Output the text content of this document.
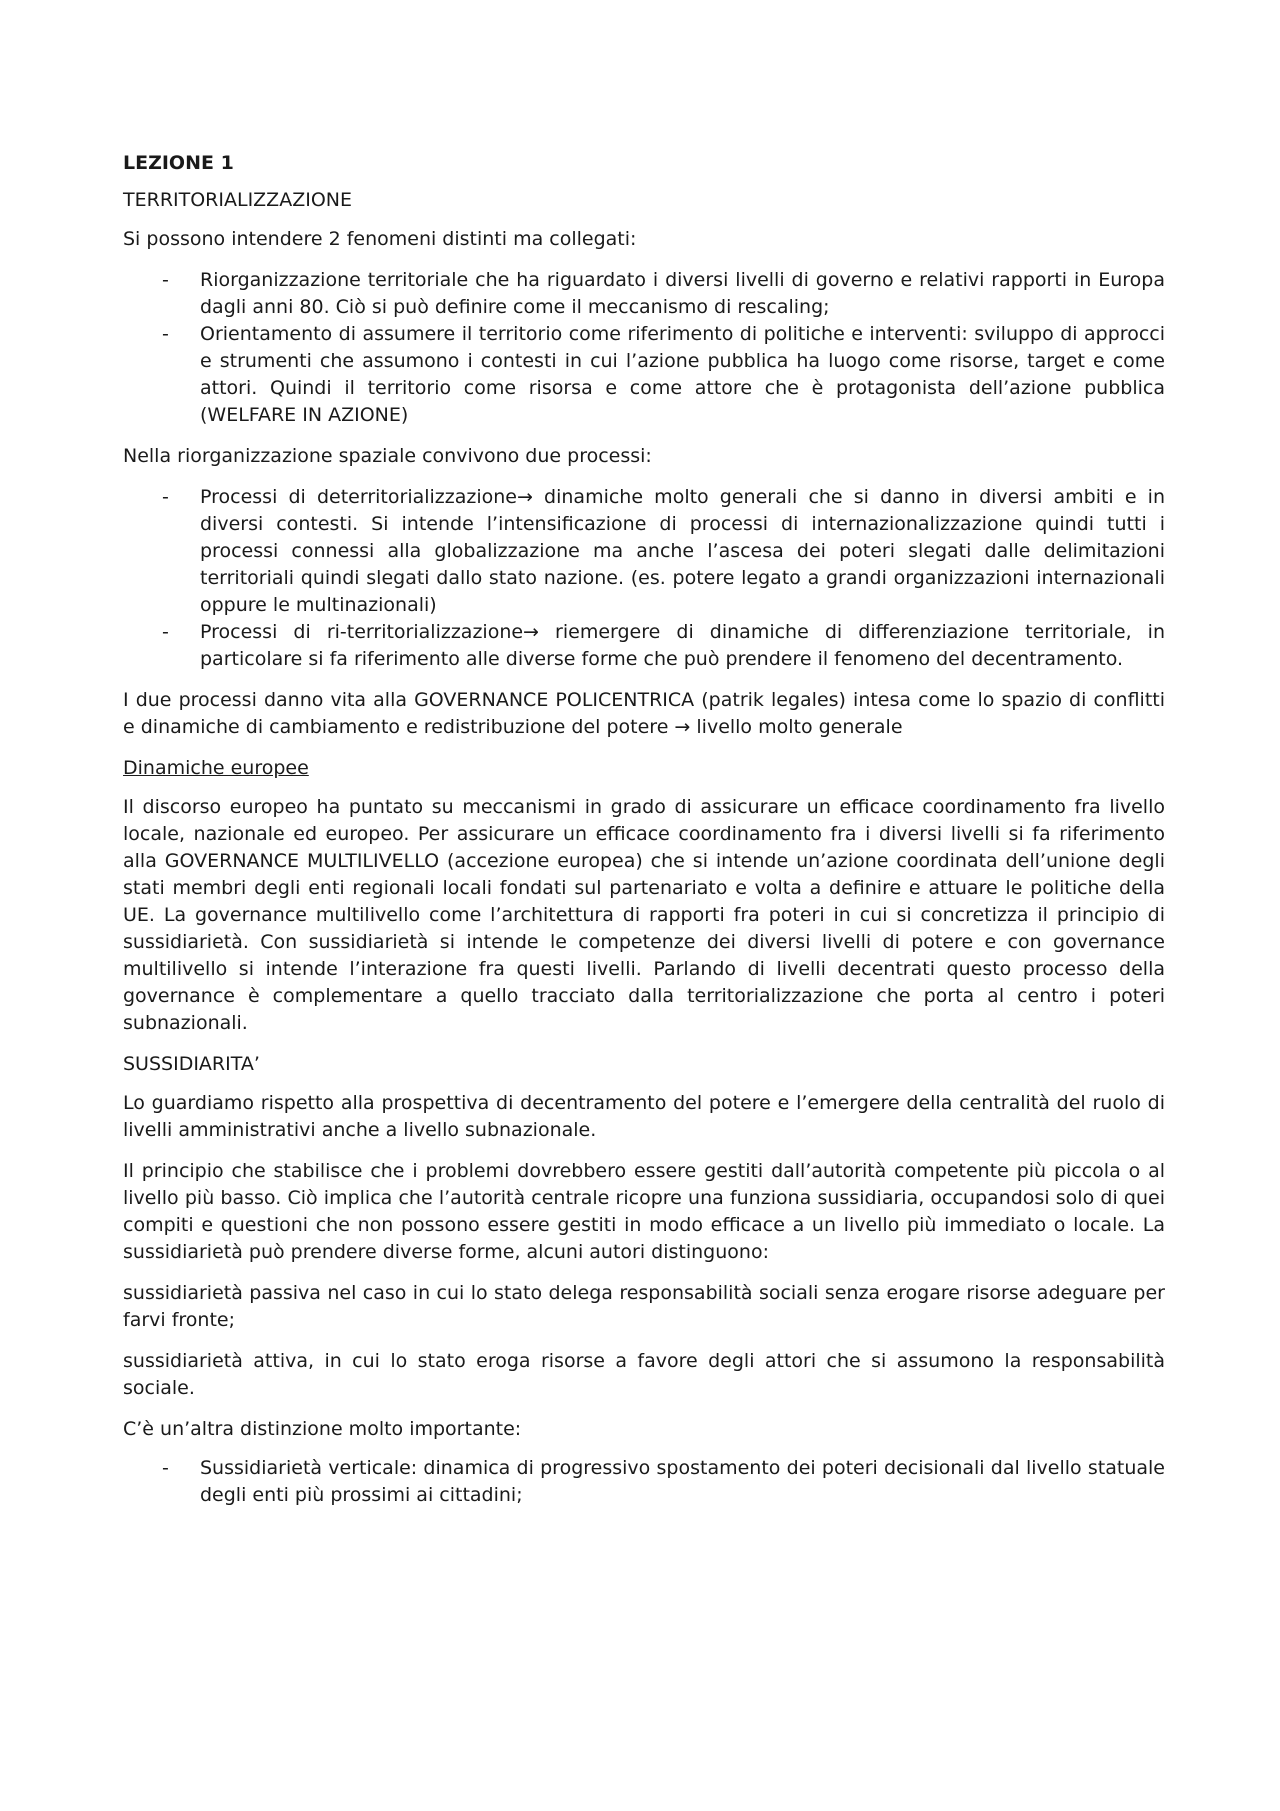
LEZIONE 1

TERRITORIALIZZAZIONE

Si possono intendere 2 fenomeni distinti ma collegati:

- Riorganizzazione territoriale che ha riguardato i diversi livelli di governo e relativi rapporti in Europa dagli anni 80. Ciò si può definire come il meccanismo di rescaling;
- Orientamento di assumere il territorio come riferimento di politiche e interventi: sviluppo di approcci e strumenti che assumono i contesti in cui l’azione pubblica ha luogo come risorse, target e come attori. Quindi il territorio come risorsa e come attore che è protagonista dell’azione pubblica (WELFARE IN AZIONE)

Nella riorganizzazione spaziale convivono due processi:

- Processi di deterritorializzazione→ dinamiche molto generali che si danno in diversi ambiti e in diversi contesti. Si intende l’intensificazione di processi di internazionalizzazione quindi tutti i processi connessi alla globalizzazione ma anche l’ascesa dei poteri slegati dalle delimitazioni territoriali quindi slegati dallo stato nazione. (es. potere legato a grandi organizzazioni internazionali oppure le multinazionali)
- Processi di ri-territorializzazione→ riemergere di dinamiche di differenziazione territoriale, in particolare si fa riferimento alle diverse forme che può prendere il fenomeno del decentramento.

I due processi danno vita alla GOVERNANCE POLICENTRICA (patrik legales) intesa come lo spazio di conflitti e dinamiche di cambiamento e redistribuzione del potere → livello molto generale

Dinamiche europee

Il discorso europeo ha puntato su meccanismi in grado di assicurare un efficace coordinamento fra livello locale, nazionale ed europeo. Per assicurare un efficace coordinamento fra i diversi livelli si fa riferimento alla GOVERNANCE MULTILIVELLO (accezione europea) che si intende un’azione coordinata dell’unione degli stati membri degli enti regionali locali fondati sul partenariato e volta a definire e attuare le politiche della UE. La governance multilivello come l’architettura di rapporti fra poteri in cui si concretizza il principio di sussidiarietà. Con sussidiarietà si intende le competenze dei diversi livelli di potere e con governance multilivello si intende l’interazione fra questi livelli. Parlando di livelli decentrati questo processo della governance è complementare a quello tracciato dalla territorializzazione che porta al centro i poteri subnazionali.

SUSSIDIARITA’

Lo guardiamo rispetto alla prospettiva di decentramento del potere e l’emergere della centralità del ruolo di livelli amministrativi anche a livello subnazionale.

Il principio che stabilisce che i problemi dovrebbero essere gestiti dall’autorità competente più piccola o al livello più basso. Ciò implica che l’autorità centrale ricopre una funziona sussidiaria, occupandosi solo di quei compiti e questioni che non possono essere gestiti in modo efficace a un livello più immediato o locale. La sussidiarietà può prendere diverse forme, alcuni autori distinguono:

sussidiarietà passiva nel caso in cui lo stato delega responsabilità sociali senza erogare risorse adeguare per farvi fronte;

sussidiarietà attiva, in cui lo stato eroga risorse a favore degli attori che si assumono la responsabilità sociale.

C’è un’altra distinzione molto importante:

- Sussidiarietà verticale: dinamica di progressivo spostamento dei poteri decisionali dal livello statuale degli enti più prossimi ai cittadini;
